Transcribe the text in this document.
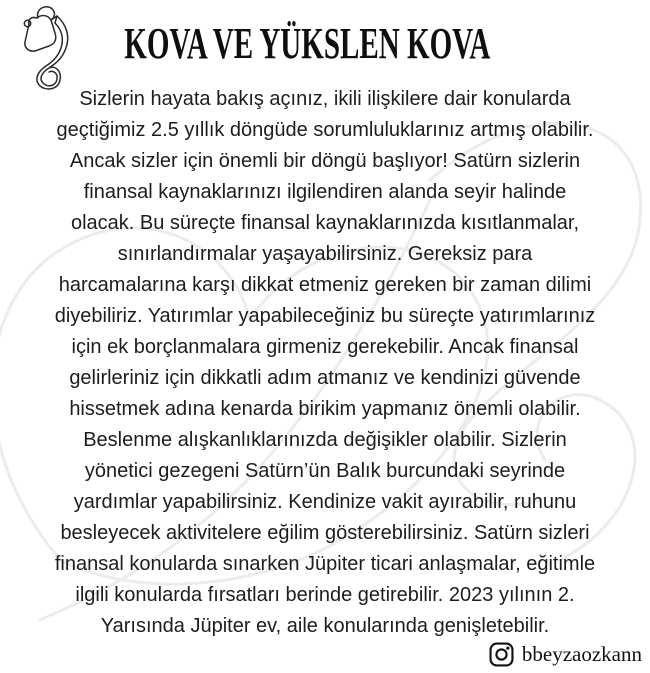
KOVA VE YÜKSLEN KOVA
Sizlerin hayata bakış açınız, ikili ilişkilere dair konularda
geçtiğimiz 2.5 yıllık döngüde sorumluluklarınız artmış olabilir.
Ancak sizler için önemli bir döngü başlıyor! Satürn sizlerin
finansal kaynaklarınızı ilgilendiren alanda seyir halinde
olacak. Bu süreçte finansal kaynaklarınızda kısıtlanmalar,
sınırlandırmalar yaşayabilirsiniz. Gereksiz para
harcamalarına karşı dikkat etmeniz gereken bir zaman dilimi
diyebiliriz. Yatırımlar yapabileceğiniz bu süreçte yatırımlarınız
için ek borçlanmalara girmeniz gerekebilir. Ancak finansal
gelirleriniz için dikkatli adım atmanız ve kendinizi güvende
hissetmek adına kenarda birikim yapmanız önemli olabilir.
Beslenme alışkanlıklarınızda değişikler olabilir. Sizlerin
yönetici gezegeni Satürn’ün Balık burcundaki seyrinde
yardımlar yapabilirsiniz. Kendinize vakit ayırabilir, ruhunu
besleyecek aktivitelere eğilim gösterebilirsiniz. Satürn sizleri
finansal konularda sınarken Jüpiter ticari anlaşmalar, eğitimle
ilgili konularda fırsatları berinde getirebilir. 2023 yılının 2.
Yarısında Jüpiter ev, aile konularında genişletebilir.
bbeyzaozkann
